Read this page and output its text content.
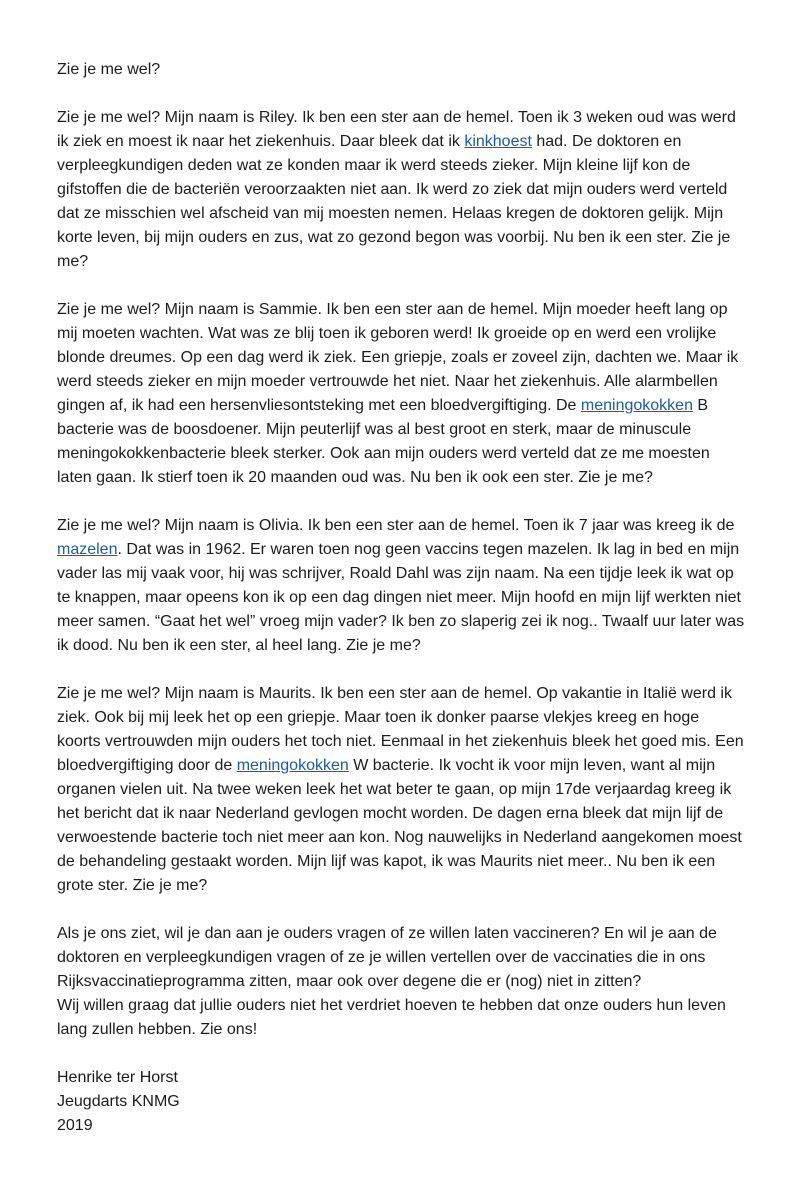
Zie je me wel?

Zie je me wel? Mijn naam is Riley. Ik ben een ster aan de hemel. Toen ik 3 weken oud was werd ik ziek en moest ik naar het ziekenhuis. Daar bleek dat ik kinkhoest had. De doktoren en verpleegkundigen deden wat ze konden maar ik werd steeds zieker. Mijn kleine lijf kon de gifstoffen die de bacteriën veroorzaakten niet aan. Ik werd zo ziek dat mijn ouders werd verteld dat ze misschien wel afscheid van mij moesten nemen. Helaas kregen de doktoren gelijk. Mijn korte leven, bij mijn ouders en zus, wat zo gezond begon was voorbij. Nu ben ik een ster. Zie je me?

Zie je me wel? Mijn naam is Sammie. Ik ben een ster aan de hemel. Mijn moeder heeft lang op mij moeten wachten. Wat was ze blij toen ik geboren werd! Ik groeide op en werd een vrolijke blonde dreumes. Op een dag werd ik ziek. Een griepje, zoals er zoveel zijn, dachten we. Maar ik werd steeds zieker en mijn moeder vertrouwde het niet. Naar het ziekenhuis. Alle alarmbellen gingen af, ik had een hersenvliesontsteking met een bloedvergiftiging. De meningokokken B bacterie was de boosdoener. Mijn peuterlijf was al best groot en sterk, maar de minuscule meningokokkenbacterie bleek sterker. Ook aan mijn ouders werd verteld dat ze me moesten laten gaan. Ik stierf toen ik 20 maanden oud was. Nu ben ik ook een ster. Zie je me?

Zie je me wel? Mijn naam is Olivia. Ik ben een ster aan de hemel. Toen ik 7 jaar was kreeg ik de mazelen. Dat was in 1962. Er waren toen nog geen vaccins tegen mazelen. Ik lag in bed en mijn vader las mij vaak voor, hij was schrijver, Roald Dahl was zijn naam. Na een tijdje leek ik wat op te knappen, maar opeens kon ik op een dag dingen niet meer. Mijn hoofd en mijn lijf werkten niet meer samen. “Gaat het wel” vroeg mijn vader? Ik ben zo slaperig zei ik nog.. Twaalf uur later was ik dood. Nu ben ik een ster, al heel lang. Zie je me?

Zie je me wel? Mijn naam is Maurits. Ik ben een ster aan de hemel. Op vakantie in Italië werd ik ziek. Ook bij mij leek het op een griepje. Maar toen ik donker paarse vlekjes kreeg en hoge koorts vertrouwden mijn ouders het toch niet. Eenmaal in het ziekenhuis bleek het goed mis. Een bloedvergiftiging door de meningokokken W bacterie. Ik vocht ik voor mijn leven, want al mijn organen vielen uit. Na twee weken leek het wat beter te gaan, op mijn 17de verjaardag kreeg ik het bericht dat ik naar Nederland gevlogen mocht worden. De dagen erna bleek dat mijn lijf de verwoestende bacterie toch niet meer aan kon. Nog nauwelijks in Nederland aangekomen moest de behandeling gestaakt worden. Mijn lijf was kapot, ik was Maurits niet meer.. Nu ben ik een grote ster. Zie je me?

Als je ons ziet, wil je dan aan je ouders vragen of ze willen laten vaccineren? En wil je aan de doktoren en verpleegkundigen vragen of ze je willen vertellen over de vaccinaties die in ons Rijksvaccinatieprogramma zitten, maar ook over degene die er (nog) niet in zitten?
Wij willen graag dat jullie ouders niet het verdriet hoeven te hebben dat onze ouders hun leven lang zullen hebben. Zie ons!

Henrike ter Horst

Jeugdarts KNMG

2019
